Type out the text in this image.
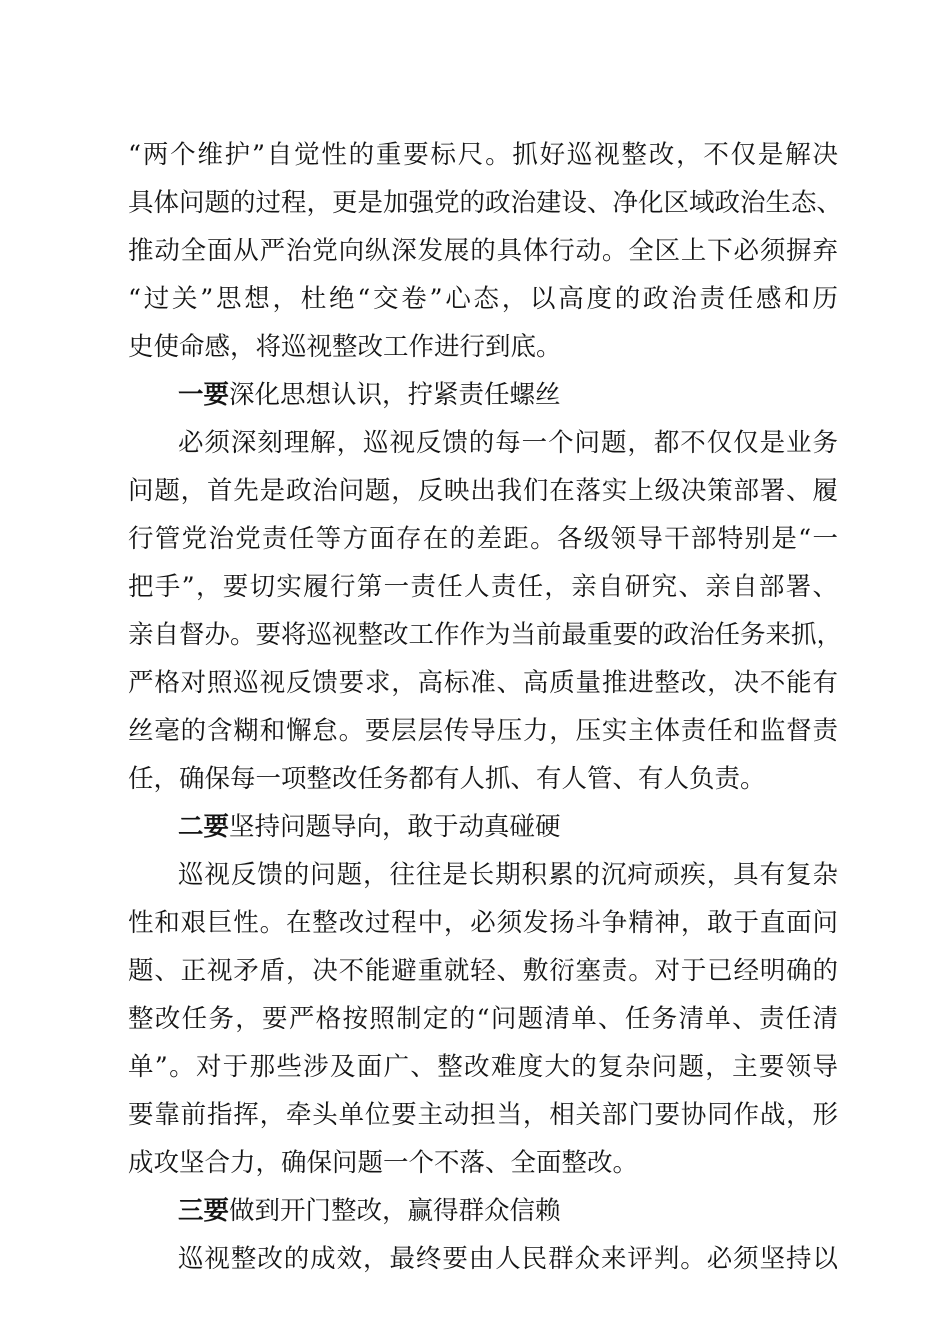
“两个维护”自觉性的重要标尺。抓好巡视整改，不仅是解决
具体问题的过程，更是加强党的政治建设、净化区域政治生态、
推动全面从严治党向纵深发展的具体行动。全区上下必须摒弃
“过关”思想，杜绝“交卷”心态，以高度的政治责任感和历
史使命感，将巡视整改工作进行到底。
一要深化思想认识，拧紧责任螺丝
必须深刻理解，巡视反馈的每一个问题，都不仅仅是业务
问题，首先是政治问题，反映出我们在落实上级决策部署、履
行管党治党责任等方面存在的差距。各级领导干部特别是“一
把手”，要切实履行第一责任人责任，亲自研究、亲自部署、
亲自督办。要将巡视整改工作作为当前最重要的政治任务来抓，
严格对照巡视反馈要求，高标准、高质量推进整改，决不能有
丝毫的含糊和懈怠。要层层传导压力，压实主体责任和监督责
任，确保每一项整改任务都有人抓、有人管、有人负责。
二要坚持问题导向，敢于动真碰硬
巡视反馈的问题，往往是长期积累的沉疴顽疾，具有复杂
性和艰巨性。在整改过程中，必须发扬斗争精神，敢于直面问
题、正视矛盾，决不能避重就轻、敷衍塞责。对于已经明确的
整改任务，要严格按照制定的“问题清单、任务清单、责任清
单”。对于那些涉及面广、整改难度大的复杂问题，主要领导
要靠前指挥，牵头单位要主动担当，相关部门要协同作战，形
成攻坚合力，确保问题一个不落、全面整改。
三要做到开门整改，赢得群众信赖
巡视整改的成效，最终要由人民群众来评判。必须坚持以
